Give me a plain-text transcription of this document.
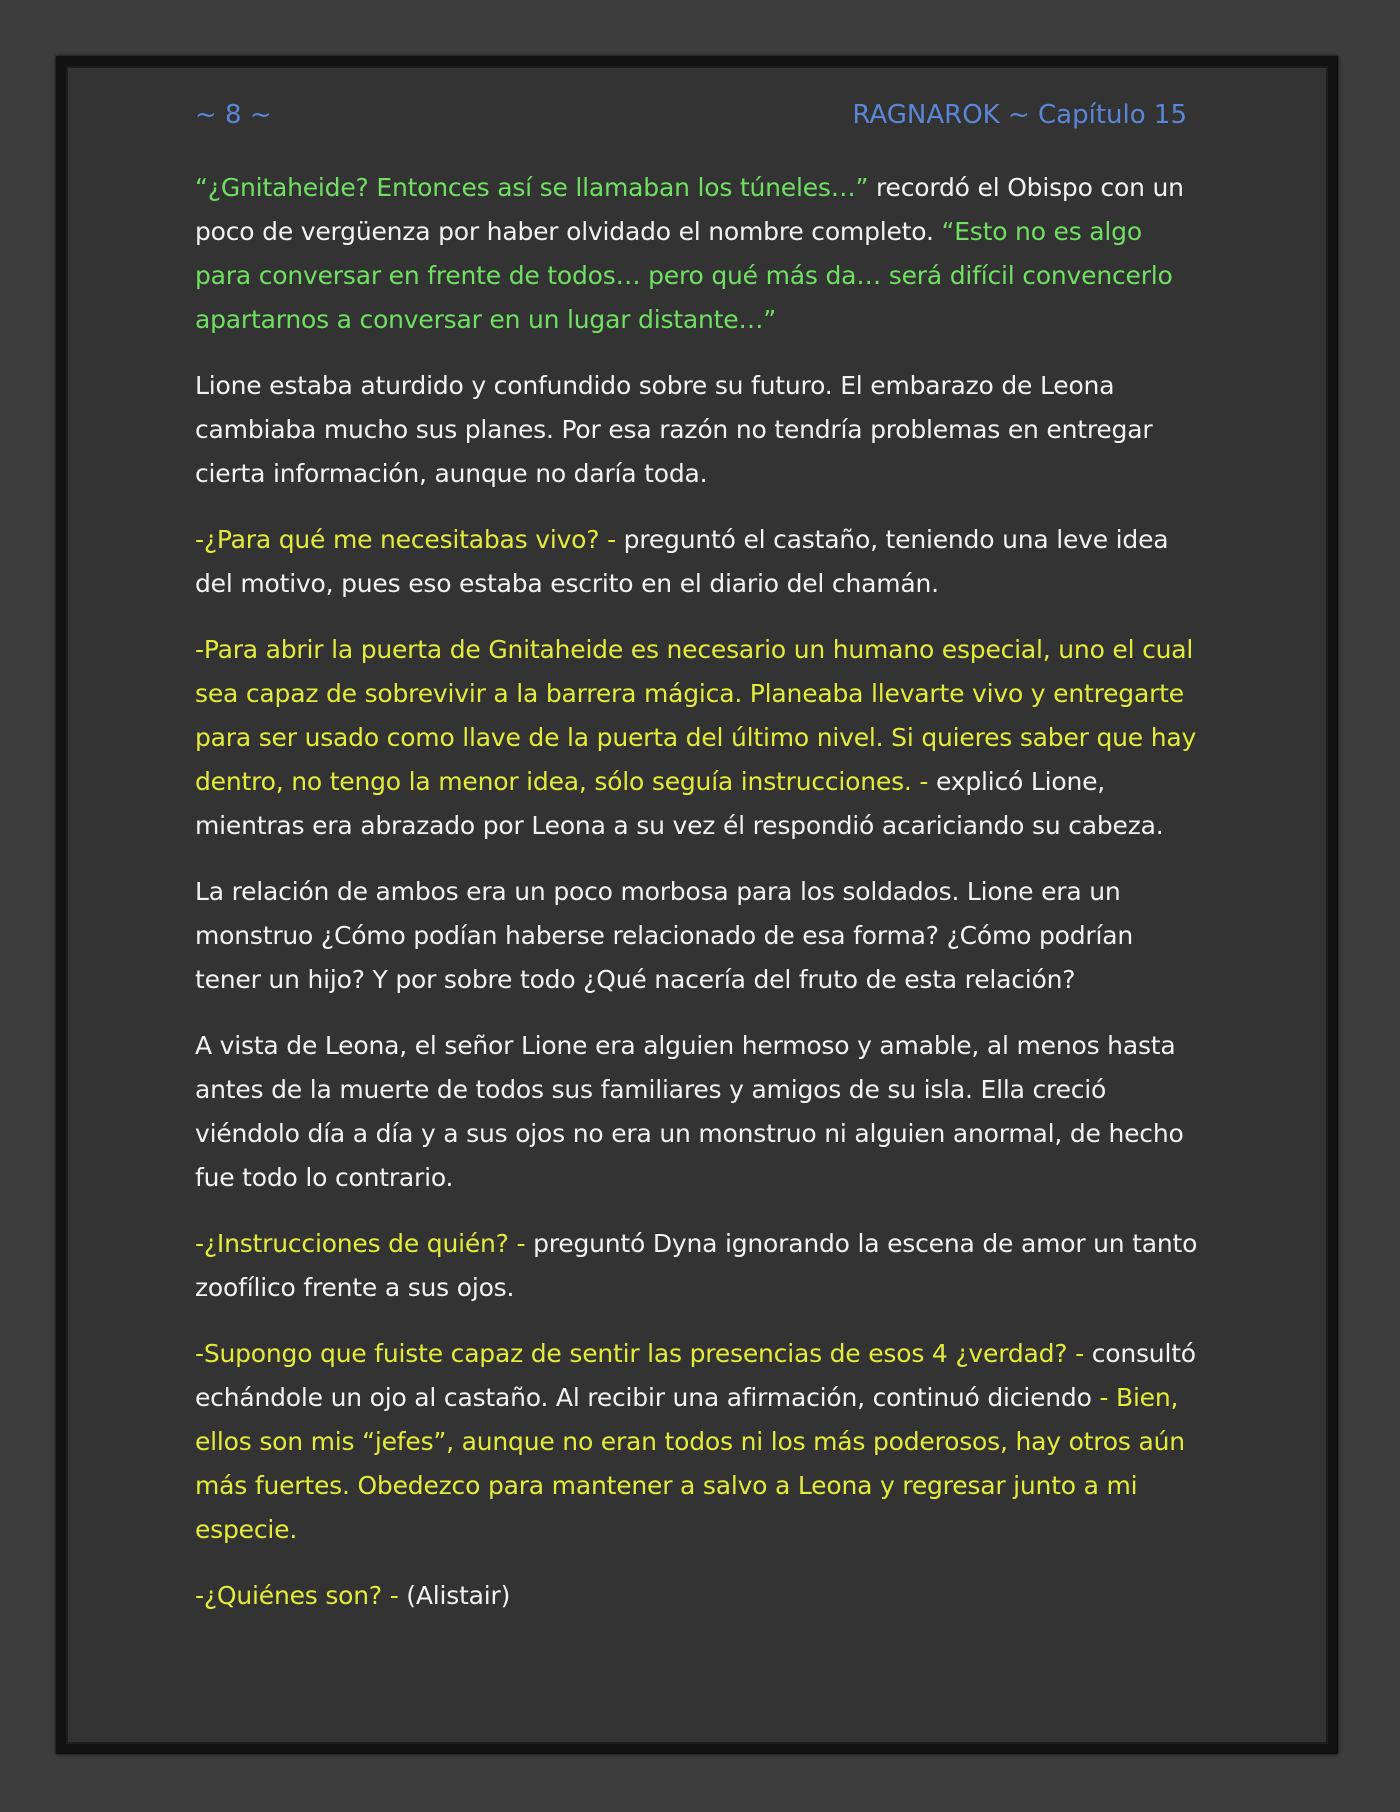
~ 8 ~	RAGNAROK ~ Capítulo 15

“¿Gnitaheide? Entonces así se llamaban los túneles…” recordó el Obispo con un poco de vergüenza por haber olvidado el nombre completo. “Esto no es algo para conversar en frente de todos… pero qué más da… será difícil convencerlo apartarnos a conversar en un lugar distante…”

Lione estaba aturdido y confundido sobre su futuro. El embarazo de Leona cambiaba mucho sus planes. Por esa razón no tendría problemas en entregar cierta información, aunque no daría toda.

-¿Para qué me necesitabas vivo? - preguntó el castaño, teniendo una leve idea del motivo, pues eso estaba escrito en el diario del chamán.

-Para abrir la puerta de Gnitaheide es necesario un humano especial, uno el cual sea capaz de sobrevivir a la barrera mágica. Planeaba llevarte vivo y entregarte para ser usado como llave de la puerta del último nivel. Si quieres saber que hay dentro, no tengo la menor idea, sólo seguía instrucciones. - explicó Lione, mientras era abrazado por Leona a su vez él respondió acariciando su cabeza.

La relación de ambos era un poco morbosa para los soldados. Lione era un monstruo ¿Cómo podían haberse relacionado de esa forma? ¿Cómo podrían tener un hijo? Y por sobre todo ¿Qué nacería del fruto de esta relación?

A vista de Leona, el señor Lione era alguien hermoso y amable, al menos hasta antes de la muerte de todos sus familiares y amigos de su isla. Ella creció viéndolo día a día y a sus ojos no era un monstruo ni alguien anormal, de hecho fue todo lo contrario.

-¿Instrucciones de quién? - preguntó Dyna ignorando la escena de amor un tanto zoofílico frente a sus ojos.

-Supongo que fuiste capaz de sentir las presencias de esos 4 ¿verdad? - consultó echándole un ojo al castaño. Al recibir una afirmación, continuó diciendo - Bien, ellos son mis “jefes”, aunque no eran todos ni los más poderosos, hay otros aún más fuertes. Obedezco para mantener a salvo a Leona y regresar junto a mi especie.

-¿Quiénes son? - (Alistair)
